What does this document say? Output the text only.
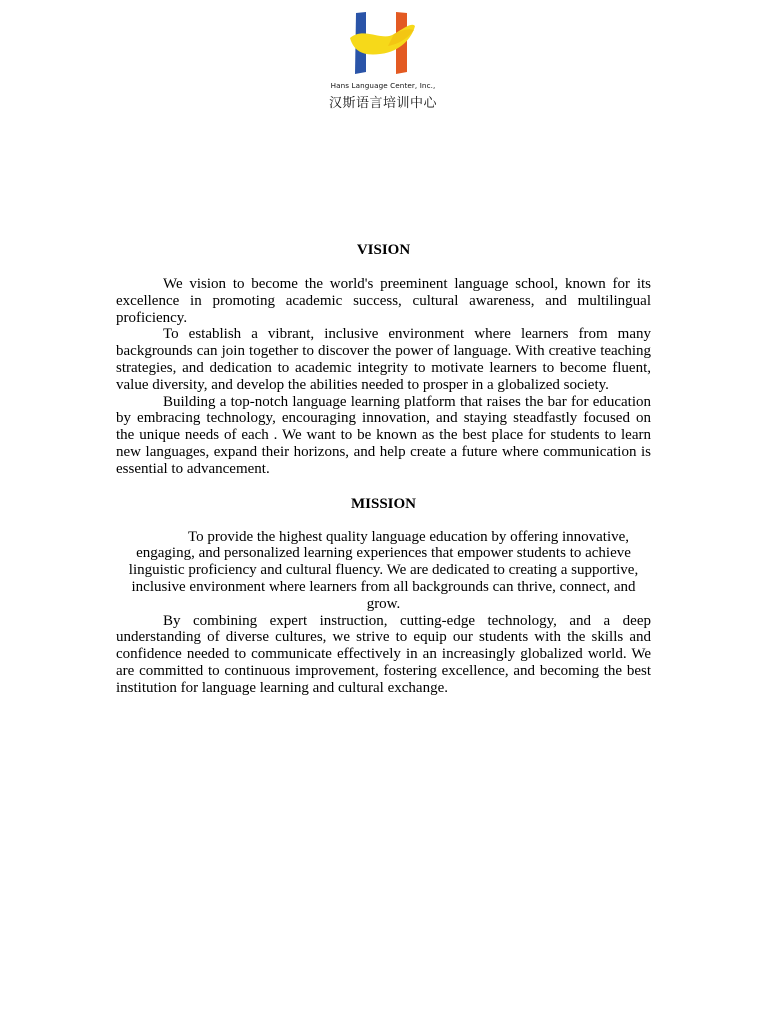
Hans Language Center, Inc.,
汉斯语言培训中心
VISION

We vision to become the world's preeminent language school, known for its excellence in promoting academic success, cultural awareness, and multilingual proficiency.

To establish a vibrant, inclusive environment where learners from many backgrounds can join together to discover the power of language. With creative teaching strategies, and dedication to academic integrity to motivate learners to become fluent, value diversity, and develop the abilities needed to prosper in a globalized society.

Building a top-notch language learning platform that raises the bar for education by embracing technology, encouraging innovation, and staying steadfastly focused on the unique needs of each . We want to be known as the best place for students to learn new languages, expand their horizons, and help create a future where communication is essential to advancement.

MISSION

To provide the highest quality language education by offering innovative, engaging, and personalized learning experiences that empower students to achieve linguistic proficiency and cultural fluency. We are dedicated to creating a supportive, inclusive environment where learners from all backgrounds can thrive, connect, and grow.

By combining expert instruction, cutting-edge technology, and a deep understanding of diverse cultures, we strive to equip our students with the skills and confidence needed to communicate effectively in an increasingly globalized world. We are committed to continuous improvement, fostering excellence, and becoming the best institution for language learning and cultural exchange.
